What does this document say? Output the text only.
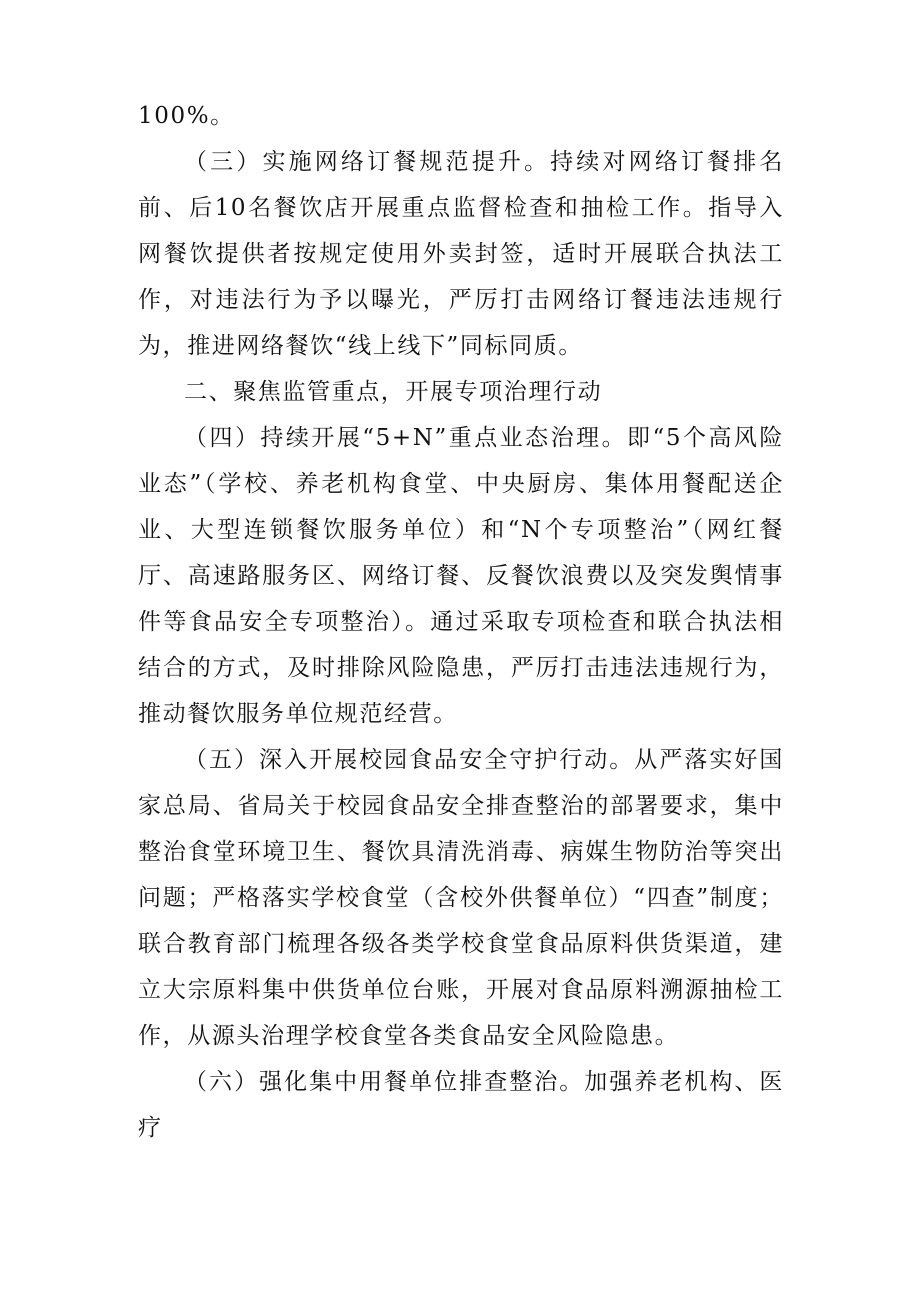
100%。

（三）实施网络订餐规范提升。持续对网络订餐排名前、后10名餐饮店开展重点监督检查和抽检工作。指导入网餐饮提供者按规定使用外卖封签，适时开展联合执法工作，对违法行为予以曝光，严厉打击网络订餐违法违规行为，推进网络餐饮“线上线下”同标同质。

二、聚焦监管重点，开展专项治理行动

（四）持续开展“5+N”重点业态治理。即“5个高风险业态”（学校、养老机构食堂、中央厨房、集体用餐配送企业、大型连锁餐饮服务单位）和“N个专项整治”（网红餐厅、高速路服务区、网络订餐、反餐饮浪费以及突发舆情事件等食品安全专项整治）。通过采取专项检查和联合执法相结合的方式，及时排除风险隐患，严厉打击违法违规行为，推动餐饮服务单位规范经营。

（五）深入开展校园食品安全守护行动。从严落实好国家总局、省局关于校园食品安全排查整治的部署要求，集中整治食堂环境卫生、餐饮具清洗消毒、病媒生物防治等突出问题；严格落实学校食堂（含校外供餐单位）“四查”制度；联合教育部门梳理各级各类学校食堂食品原料供货渠道，建立大宗原料集中供货单位台账，开展对食品原料溯源抽检工作，从源头治理学校食堂各类食品安全风险隐患。

（六）强化集中用餐单位排查整治。加强养老机构、医疗
